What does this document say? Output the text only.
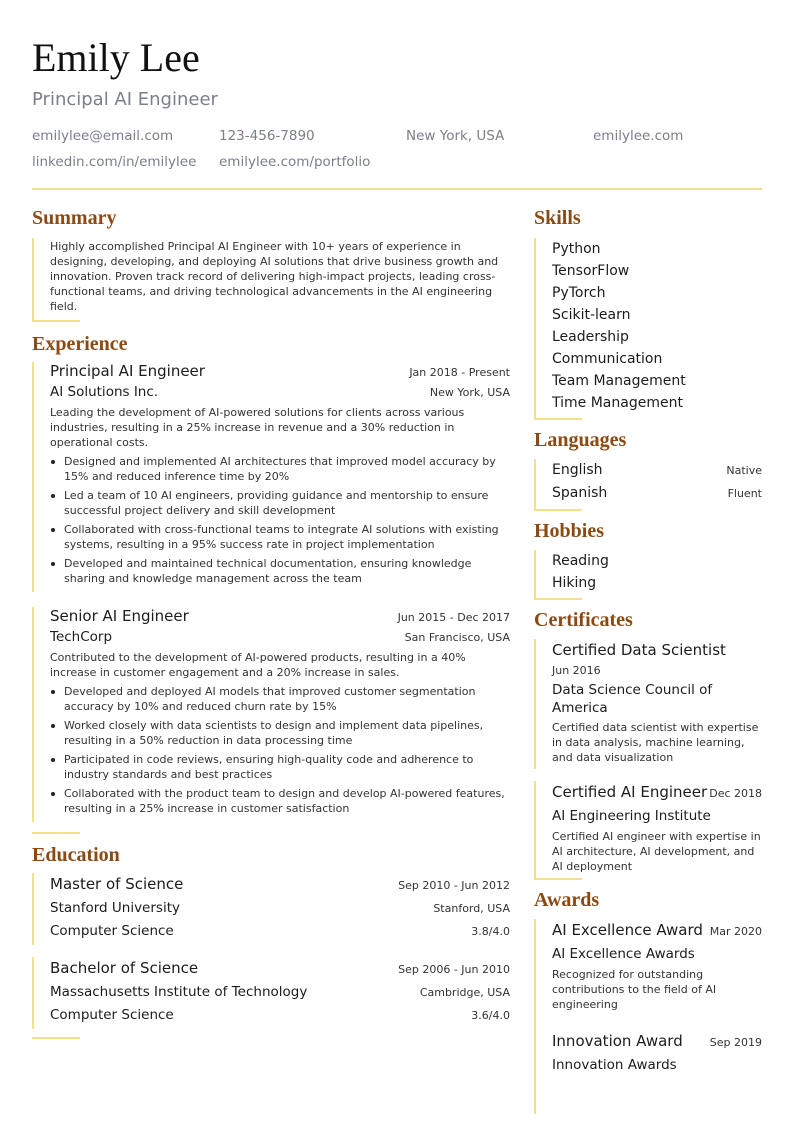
Emily Lee
Principal AI Engineer
emilylee@email.com	123-456-7890	New York, USA	emilylee.com
linkedin.com/in/emilylee	emilylee.com/portfolio
Summary
Highly accomplished Principal AI Engineer with 10+ years of experience in designing, developing, and deploying AI solutions that drive business growth and innovation. Proven track record of delivering high-impact projects, leading cross-functional teams, and driving technological advancements in the AI engineering field.
Experience
Principal AI Engineer	Jan 2018 - Present
AI Solutions Inc.	New York, USA
Leading the development of AI-powered solutions for clients across various industries, resulting in a 25% increase in revenue and a 30% reduction in operational costs.
Designed and implemented AI architectures that improved model accuracy by 15% and reduced inference time by 20%
Led a team of 10 AI engineers, providing guidance and mentorship to ensure successful project delivery and skill development
Collaborated with cross-functional teams to integrate AI solutions with existing systems, resulting in a 95% success rate in project implementation
Developed and maintained technical documentation, ensuring knowledge sharing and knowledge management across the team
Senior AI Engineer	Jun 2015 - Dec 2017
TechCorp	San Francisco, USA
Contributed to the development of AI-powered products, resulting in a 40% increase in customer engagement and a 20% increase in sales.
Developed and deployed AI models that improved customer segmentation accuracy by 10% and reduced churn rate by 15%
Worked closely with data scientists to design and implement data pipelines, resulting in a 50% reduction in data processing time
Participated in code reviews, ensuring high-quality code and adherence to industry standards and best practices
Collaborated with the product team to design and develop AI-powered features, resulting in a 25% increase in customer satisfaction
Education
Master of Science	Sep 2010 - Jun 2012
Stanford University	Stanford, USA
Computer Science	3.8/4.0
Bachelor of Science	Sep 2006 - Jun 2010
Massachusetts Institute of Technology	Cambridge, USA
Computer Science	3.6/4.0
Skills
Python
TensorFlow
PyTorch
Scikit-learn
Leadership
Communication
Team Management
Time Management
Languages
English	Native
Spanish	Fluent
Hobbies
Reading
Hiking
Certificates
Certified Data Scientist
Jun 2016
Data Science Council of America
Certified data scientist with expertise in data analysis, machine learning, and data visualization
Certified AI Engineer Dec 2018
AI Engineering Institute
Certified AI engineer with expertise in AI architecture, AI development, and AI deployment
Awards
AI Excellence Award Mar 2020
AI Excellence Awards
Recognized for outstanding contributions to the field of AI engineering
Innovation Award Sep 2019
Innovation Awards
